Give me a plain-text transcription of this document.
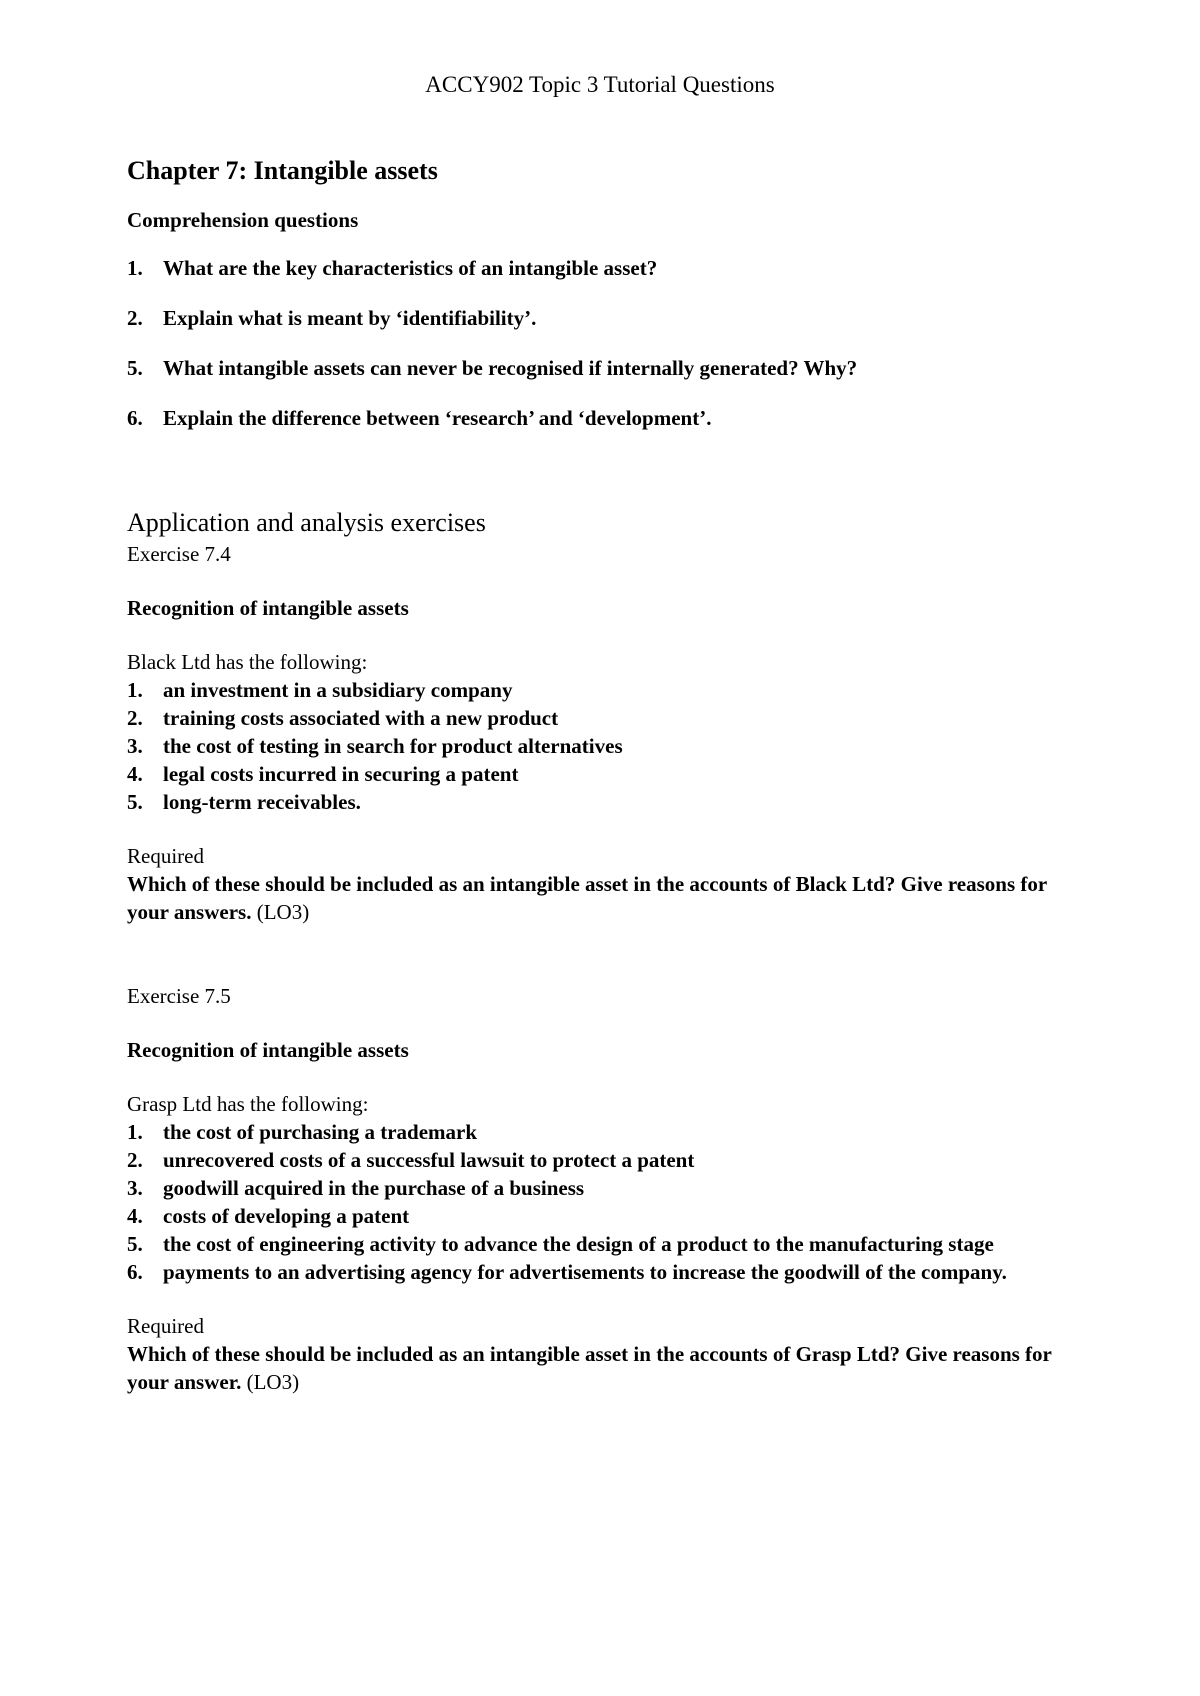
ACCY902 Topic 3 Tutorial Questions
Chapter 7: Intangible assets
Comprehension questions
1. What are the key characteristics of an intangible asset?
2. Explain what is meant by ‘identifiability’.
5. What intangible assets can never be recognised if internally generated? Why?
6. Explain the difference between ‘research’ and ‘development’.
Application and analysis exercises
Exercise 7.4
Recognition of intangible assets
Black Ltd has the following:
1. an investment in a subsidiary company
2. training costs associated with a new product
3. the cost of testing in search for product alternatives
4. legal costs incurred in securing a patent
5. long-term receivables.
Required
Which of these should be included as an intangible asset in the accounts of Black Ltd? Give reasons for your answers. (LO3)
Exercise 7.5
Recognition of intangible assets
Grasp Ltd has the following:
1. the cost of purchasing a trademark
2. unrecovered costs of a successful lawsuit to protect a patent
3. goodwill acquired in the purchase of a business
4. costs of developing a patent
5. the cost of engineering activity to advance the design of a product to the manufacturing stage
6. payments to an advertising agency for advertisements to increase the goodwill of the company.
Required
Which of these should be included as an intangible asset in the accounts of Grasp Ltd? Give reasons for your answer. (LO3)
